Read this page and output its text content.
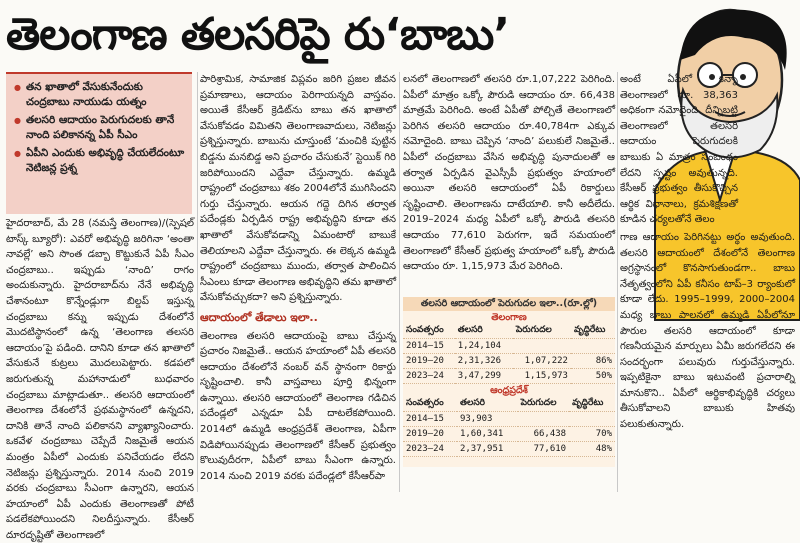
తెలంగాణ తలసరిపై రు‘బాబు’
● తన ఖాతాలో వేసుకునేందుకు చంద్రబాబు నాయుడు యత్నం
● తలసరి ఆదాయం పెరుగుదలకు తానే నాంది పలికానన్న ఏపీ సీఎం
● ఏపీని ఎందుకు అభివృద్ధి చేయలేదంటూ నెటిజన్ల ప్రశ్న

హైదరాబాద్, మే 28 (నమస్తే తెలంగాణ)/(స్పెషల్ టాస్క్ బ్యూరో): ఎవరో అభివృద్ధి జరిగినా ‘అంతా నావల్లే’ అని సొంత డబ్బా కొట్టుకునే ఏపీ సీఎం చంద్రబాబు.. ఇప్పుడు ‘నాంది’ రాగం అందుకున్నారు. హైదరాబాద్‌ను నేనే అభివృద్ధి చేశానంటూ కొన్నేండ్లుగా బిల్డప్ ఇస్తున్న చంద్రబాబు కన్ను ఇప్పుడు దేశంలోనే మొదటిస్థానంలో ఉన్న ‘తెలంగాణ తలసరి ఆదాయం’పై పడింది. దానిని కూడా తన ఖాతాలో వేసుకునే కుట్రలు మొదలుపెట్టారు. కడపలో జరుగుతున్న మహానాడులో బుధవారం చంద్రబాబు మాట్లాడుతూ.. తలసరి ఆదాయంలో తెలంగాణ దేశంలోనే ప్రథమస్థానంలో ఉన్నదని, దానికి తానే నాంది పలికానని వ్యాఖ్యానించారు. ఒకవేళ చంద్రబాబు చెప్పేదే నిజమైతే ఆయన మంత్రం ఏపీలో ఎందుకు పనిచేయడం లేదని నెటిజన్లు ప్రశ్నిస్తున్నారు. 2014 నుంచి 2019 వరకు చంద్రబాబు సీఎంగా ఉన్నారని, ఆయన హయాంలో ఏపీ ఎందుకు తెలంగాణతో పోటీ పడలేకపోయిందని నిలదీస్తున్నారు. కేసీఆర్ దూరదృష్టితో తెలంగాణలో

పారిశ్రామిక, సామాజిక విప్లవం జరిగి ప్రజల జీవన ప్రమాణాలు, ఆదాయం పెరిగాయన్నది వాస్తవం. అయితే కేసీఆర్ క్రెడిట్‌ను బాబు తన ఖాతాలో వేసుకోవడం విమితని తెలంగాణవాదులు, నెటిజన్లు ప్రశ్నిస్తున్నారు. బాబును చూస్తుంటే ‘మంచికి పుట్టిన బిడ్డను మనబిడ్డ అని ప్రచారం చేసుకునే’ స్టెయిక్ గిరి జరిపోయిందని ఎద్దేవా చేస్తున్నారు. ఉమ్మడి రాష్ట్రంలో చంద్రబాబు శకం 2004లోనే ముగిసిందని గుర్తు చేస్తున్నారు. ఆయన గద్దె దిగిన తర్వాత పదేండ్లకు ఏర్పడిన రాష్ట్ర అభివృద్ధిని కూడా తన ఖాతాలో వేసుకోవడాన్ని ఏమంటారో బాబుకే తెలియాలని ఎద్దేవా చేస్తున్నారు. ఈ లెక్కన ఉమ్మడి రాష్ట్రంలో చంద్రబాబు ముందు, తర్వాత పాలించిన సీఎంలు కూడా తెలంగాణ అభివృద్ధిని తమ ఖాతాలో వేసుకోవచ్చుకదా? అని ప్రశ్నిస్తున్నారు.

ఆదాయంలో తేడాలు ఇలా..

తెలంగాణ తలసరి ఆదాయంపై బాబు చేస్తున్న ప్రచారం నిజమైతే.. ఆయన హయాంలో ఏపీ తలసరి ఆదాయం దేశంలోనే నంబర్ వన్ స్థానంగా రికార్డు సృష్టించాలి. కానీ వాస్తవాలు పూర్తి భిన్నంగా ఉన్నాయి. తలసరి ఆదాయంలో తెలంగాణ గడిచిన పదేండ్లలో ఎన్నడూ ఏపీ దాటలేకపోయింది. 2014లో ఉమ్మడి ఆంధ్రప్రదేశ్ తెలంగాణ, ఏపీగా విడిపోయినప్పుడు తెలంగాణలో కేసీఆర్ ప్రభుత్వం కొలువుదీరగా, ఏపీలో బాబు సీఎంగా ఉన్నారు. 2014 నుంచి 2019 వరకు పదేండ్లలో కేసీఆర్‌పా

లనలో తెలంగాణలో తలసరి రూ.1,07,222 పెరిగింది. ఏపీలో మాత్రం ఒక్కో పౌరుడి ఆదాయం రూ. 66,438 మాత్రమే పెరిగింది. అంటే ఏపీతో పోల్చితే తెలంగాణలో పెరిగిన తలసరి ఆదాయం రూ.40,784గా ఎక్కువ నమోదైంది. బాబు చెప్పిన ‘నాంది’ పలుకులే నిజమైతే.. ఏపీలో చంద్రబాబు వేసిన అభివృద్ధి పునాదులతో ఆ తర్వాత ఏర్పడిన వైఎస్సీపీ ప్రభుత్వం హయాంలో అయినా తలసరి ఆదాయంలో ఏపీ రికార్డులు సృష్టించాలి. తెలంగాణను దాటేయాలి. కానీ అదీలేదు. 2019–2024 మధ్య ఏపీలో ఒక్కో పౌరుడి తలసరి ఆదాయం 77,610 పెరుగగా, ఇదే సమయంలో తెలంగాణలో కేసీఆర్ ప్రభుత్వ హయాంలో ఒక్కో పౌరుడి ఆదాయం రూ. 1,15,973 మేర పెరిగింది.

తలసరి ఆదాయంలో పెరుగుదల ఇలా..(రూ.ల్లో)
తెలంగాణ
సంవత్సరం	తలసరి	పెరుగుదల	వృద్ధిరేటు
2014–15	1,24,104		
2019–20	2,31,326	1,07,222	86%
2023–24	3,47,299	1,15,973	50%
ఆంధ్రప్రదేశ్
సంవత్సరం	తలసరి	పెరుగుదల	వృద్ధిరేటు
2014–15	93,903		
2019–20	1,60,341	66,438	70%
2023–24	2,37,951	77,610	48%

అంటే ఏపీలో కన్నా తెలంగాణలో రూ. 38,363 అధికంగా నమోదైంది. దీన్నిబట్టి తెలంగాణలో తలసరి ఆదాయం పెరుగుదలకి బాబుకు ఏ మాత్రం సంబంధం లేదని స్పష్టం అవుతున్నది. కేసీఆర్ ప్రభుత్వం తీసుకొచ్చిన ఆర్థిక విధానాలు, క్రమశిక్షణతో కూడిన చర్యలతోనే తెలం

గాణ ఆదాయం పెరిగినట్టు అర్థం అవుతుంది. తలసరి ఆదాయంలో దేశంలోనే తెలంగాణ అగ్రస్థానంలో కొనసాగుతుండగా.. బాబు నేతృత్వంలోని ఏపీ కనీసం టాప్–3 ర్యాంకులో కూడా లేదు. 1995–1999, 2000–2004 మధ్య బాబు పాలనలో ఉమ్మడి ఏపీలోనూ పౌరుల తలసరి ఆదాయంలో కూడా గణనీయమైన మార్పులు ఏమీ జరుగలేదని ఈ సందర్భంగా పలువురు గుర్తుచేస్తున్నారు. ఇప్పటికైనా బాబు ఇటువంటి ప్రచారాల్ని మానుకొని.. ఏపీలో ఆర్థికాభివృద్ధికి చర్యలు తీసుకోవాలని బాబుకు హితవు పలుకుతున్నారు.
